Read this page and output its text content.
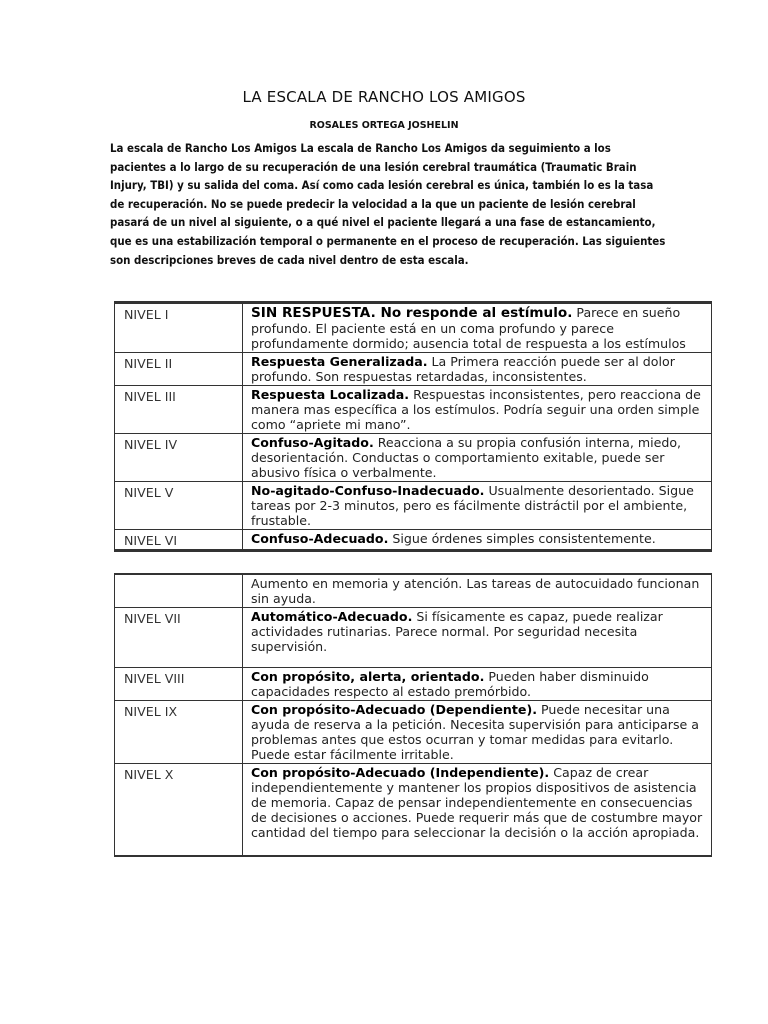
LA ESCALA DE RANCHO LOS AMIGOS
ROSALES ORTEGA JOSHELIN
La escala de Rancho Los Amigos La escala de Rancho Los Amigos da seguimiento a los pacientes a lo largo de su recuperación de una lesión cerebral traumática (Traumatic Brain Injury, TBI) y su salida del coma. Así como cada lesión cerebral es única, también lo es la tasa de recuperación. No se puede predecir la velocidad a la que un paciente de lesión cerebral pasará de un nivel al siguiente, o a qué nivel el paciente llegará a una fase de estancamiento, que es una estabilización temporal o permanente en el proceso de recuperación. Las siguientes son descripciones breves de cada nivel dentro de esta escala.
NIVEL I	SIN RESPUESTA. No responde al estímulo. Parece en sueño profundo. El paciente está en un coma profundo y parece profundamente dormido; ausencia total de respuesta a los estímulos
NIVEL II	Respuesta Generalizada. La Primera reacción puede ser al dolor profundo. Son respuestas retardadas, inconsistentes.
NIVEL III	Respuesta Localizada. Respuestas inconsistentes, pero reacciona de manera mas específica a los estímulos. Podría seguir una orden simple como “apriete mi mano”.
NIVEL IV	Confuso-Agitado. Reacciona a su propia confusión interna, miedo, desorientación. Conductas o comportamiento exitable, puede ser abusivo física o verbalmente.
NIVEL V	No-agitado-Confuso-Inadecuado. Usualmente desorientado. Sigue tareas por 2-3 minutos, pero es fácilmente distráctil por el ambiente, frustable.
NIVEL VI	Confuso-Adecuado. Sigue órdenes simples consistentemente.
	Aumento en memoria y atención. Las tareas de autocuidado funcionan sin ayuda.
NIVEL VII	Automático-Adecuado. Si físicamente es capaz, puede realizar actividades rutinarias. Parece normal. Por seguridad necesita supervisión.
NIVEL VIII	Con propósito, alerta, orientado. Pueden haber disminuido capacidades respecto al estado premórbido.
NIVEL IX	Con propósito-Adecuado (Dependiente). Puede necesitar una ayuda de reserva a la petición. Necesita supervisión para anticiparse a problemas antes que estos ocurran y tomar medidas para evitarlo. Puede estar fácilmente irritable.
NIVEL X	Con propósito-Adecuado (Independiente). Capaz de crear independientemente y mantener los propios dispositivos de asistencia de memoria. Capaz de pensar independientemente en consecuencias de decisiones o acciones. Puede requerir más que de costumbre mayor cantidad del tiempo para seleccionar la decisión o la acción apropiada.
